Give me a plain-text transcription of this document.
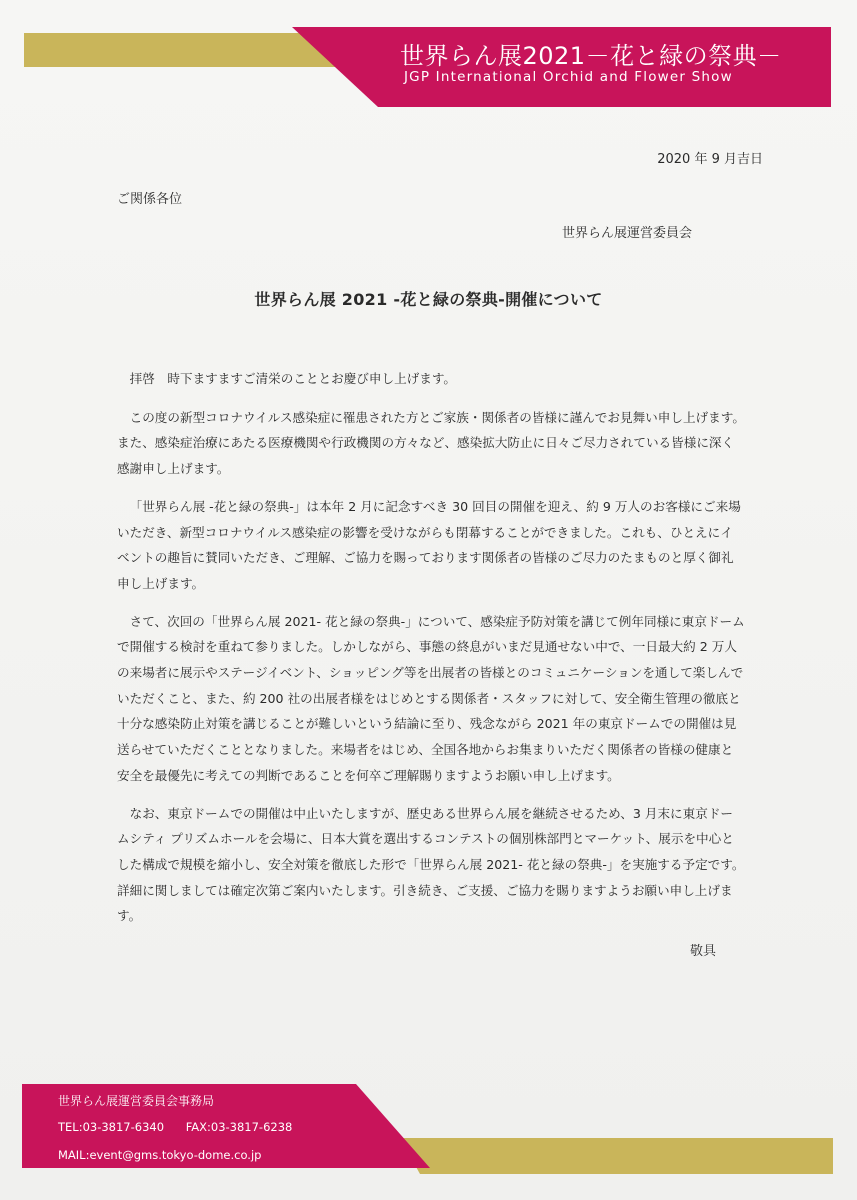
世界らん展2021－花と緑の祭典－
JGP International Orchid and Flower Show
2020 年 9 月吉日
ご関係各位
世界らん展運営委員会
世界らん展 2021 -花と緑の祭典-開催について

拝啓　時下ますますご清栄のこととお慶び申し上げます。

この度の新型コロナウイルス感染症に罹患された方とご家族・関係者の皆様に謹んでお見舞い申し上げます。また、感染症治療にあたる医療機関や行政機関の方々など、感染拡大防止に日々ご尽力されている皆様に深く感謝申し上げます。

「世界らん展 -花と緑の祭典-」は本年 2 月に記念すべき 30 回目の開催を迎え、約 9 万人のお客様にご来場いただき、新型コロナウイルス感染症の影響を受けながらも閉幕することができました。これも、ひとえにイベントの趣旨に賛同いただき、ご理解、ご協力を賜っております関係者の皆様のご尽力のたまものと厚く御礼申し上げます。

さて、次回の「世界らん展 2021- 花と緑の祭典-」について、感染症予防対策を講じて例年同様に東京ドームで開催する検討を重ねて参りました。しかしながら、事態の終息がいまだ見通せない中で、一日最大約 2 万人の来場者に展示やステージイベント、ショッピング等を出展者の皆様とのコミュニケーションを通して楽しんでいただくこと、また、約 200 社の出展者様をはじめとする関係者・スタッフに対して、安全衛生管理の徹底と十分な感染防止対策を講じることが難しいという結論に至り、残念ながら 2021 年の東京ドームでの開催は見送らせていただくこととなりました。来場者をはじめ、全国各地からお集まりいただく関係者の皆様の健康と安全を最優先に考えての判断であることを何卒ご理解賜りますようお願い申し上げます。

なお、東京ドームでの開催は中止いたしますが、歴史ある世界らん展を継続させるため、3 月末に東京ドームシティ プリズムホールを会場に、日本大賞を選出するコンテストの個別株部門とマーケット、展示を中心とした構成で規模を縮小し、安全対策を徹底した形で「世界らん展 2021- 花と緑の祭典-」を実施する予定です。詳細に関しましては確定次第ご案内いたします。引き続き、ご支援、ご協力を賜りますようお願い申し上げます。

敬具
世界らん展運営委員会事務局
TEL:03-3817-6340 FAX:03-3817-6238
MAIL:event@gms.tokyo-dome.co.jp
